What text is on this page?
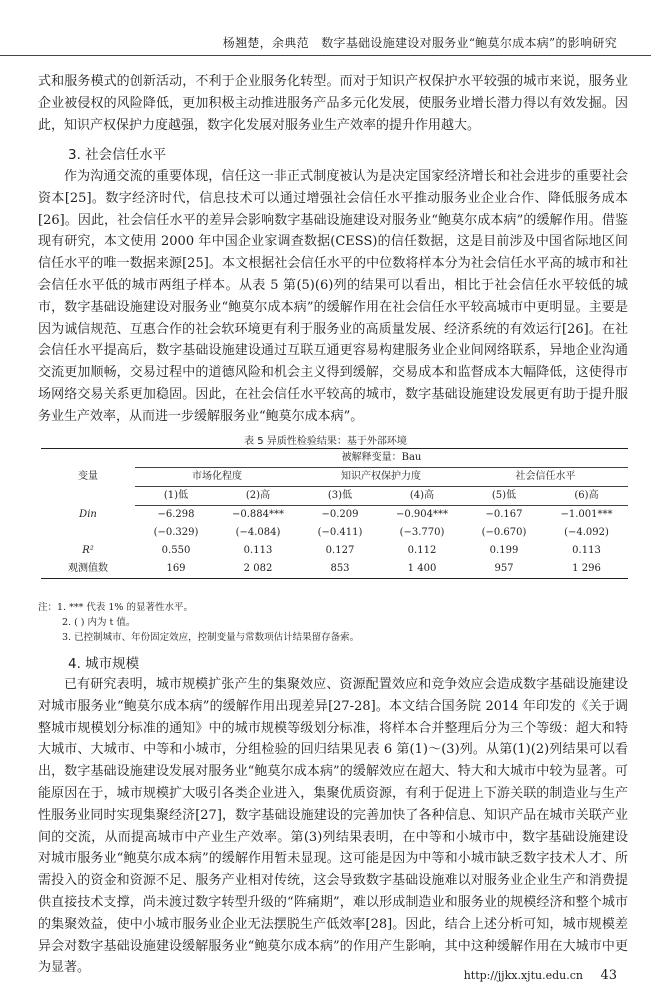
杨翘楚，余典范 数字基础设施建设对服务业“鲍莫尔成本病”的影响研究
式和服务模式的创新活动，不利于企业服务化转型。而对于知识产权保护水平较强的城市来说，服务业企业被侵权的风险降低，更加积极主动推进服务产品多元化发展，使服务业增长潜力得以有效发掘。因此，知识产权保护力度越强，数字化发展对服务业生产效率的提升作用越大。
3. 社会信任水平
作为沟通交流的重要体现，信任这一非正式制度被认为是决定国家经济增长和社会进步的重要社会资本[25]。数字经济时代，信息技术可以通过增强社会信任水平推动服务业企业合作、降低服务成本[26]。因此，社会信任水平的差异会影响数字基础设施建设对服务业“鲍莫尔成本病”的缓解作用。借鉴现有研究，本文使用 2000 年中国企业家调查数据(CESS)的信任数据，这是目前涉及中国省际地区间信任水平的唯一数据来源[25]。本文根据社会信任水平的中位数将样本分为社会信任水平高的城市和社会信任水平低的城市两组子样本。从表 5 第(5)(6)列的结果可以看出，相比于社会信任水平较低的城市，数字基础设施建设对服务业“鲍莫尔成本病”的缓解作用在社会信任水平较高城市中更明显。主要是因为诚信规范、互惠合作的社会软环境更有利于服务业的高质量发展、经济系统的有效运行[26]。在社会信任水平提高后，数字基础设施建设通过互联互通更容易构建服务业企业间网络联系，异地企业沟通交流更加顺畅，交易过程中的道德风险和机会主义得到缓解，交易成本和监督成本大幅降低，这使得市场网络交易关系更加稳固。因此，在社会信任水平较高的城市，数字基础设施建设发展更有助于提升服务业生产效率，从而进一步缓解服务业“鲍莫尔成本病”。
表 5 异质性检验结果：基于外部环境
变量	被解释变量：Bau					
	市场化程度		知识产权保护力度		社会信任水平	
	(1)低	(2)高	(3)低	(4)高	(5)低	(6)高
Din	−6.298	−0.884***	−0.209	−0.904***	−0.167	−1.001***
	(−0.329)	(−4.084)	(−0.411)	(−3.770)	(−0.670)	(−4.092)
R²	0.550	0.113	0.127	0.112	0.199	0.113
观测值数	169	2 082	853	1 400	957	1 296
注：1. *** 代表 1% 的显著性水平。
2. ( ) 内为 t 值。
3. 已控制城市、年份固定效应，控制变量与常数项估计结果留存备索。
4. 城市规模
已有研究表明，城市规模扩张产生的集聚效应、资源配置效应和竞争效应会造成数字基础设施建设对城市服务业“鲍莫尔成本病”的缓解作用出现差异[27-28]。本文结合国务院 2014 年印发的《关于调整城市规模划分标准的通知》中的城市规模等级划分标准，将样本合并整理后分为三个等级：超大和特大城市、大城市、中等和小城市，分组检验的回归结果见表 6 第(1)～(3)列。从第(1)(2)列结果可以看出，数字基础设施建设发展对服务业“鲍莫尔成本病”的缓解效应在超大、特大和大城市中较为显著。可能原因在于，城市规模扩大吸引各类企业进入，集聚优质资源，有利于促进上下游关联的制造业与生产性服务业同时实现集聚经济[27]，数字基础设施建设的完善加快了各种信息、知识产品在城市关联产业间的交流，从而提高城市中产业生产效率。第(3)列结果表明，在中等和小城市中，数字基础设施建设对城市服务业“鲍莫尔成本病”的缓解作用暂未显现。这可能是因为中等和小城市缺乏数字技术人才、所需投入的资金和资源不足、服务产业相对传统，这会导致数字基础设施难以对服务业企业生产和消费提供直接技术支撑，尚未渡过数字转型升级的“阵痛期”，难以形成制造业和服务业的规模经济和整个城市的集聚效益，使中小城市服务业企业无法摆脱生产低效率[28]。因此，结合上述分析可知，城市规模差异会对数字基础设施建设缓解服务业“鲍莫尔成本病”的作用产生影响，其中这种缓解作用在大城市中更为显著。
http://jjkx.xjtu.edu.cn 43
